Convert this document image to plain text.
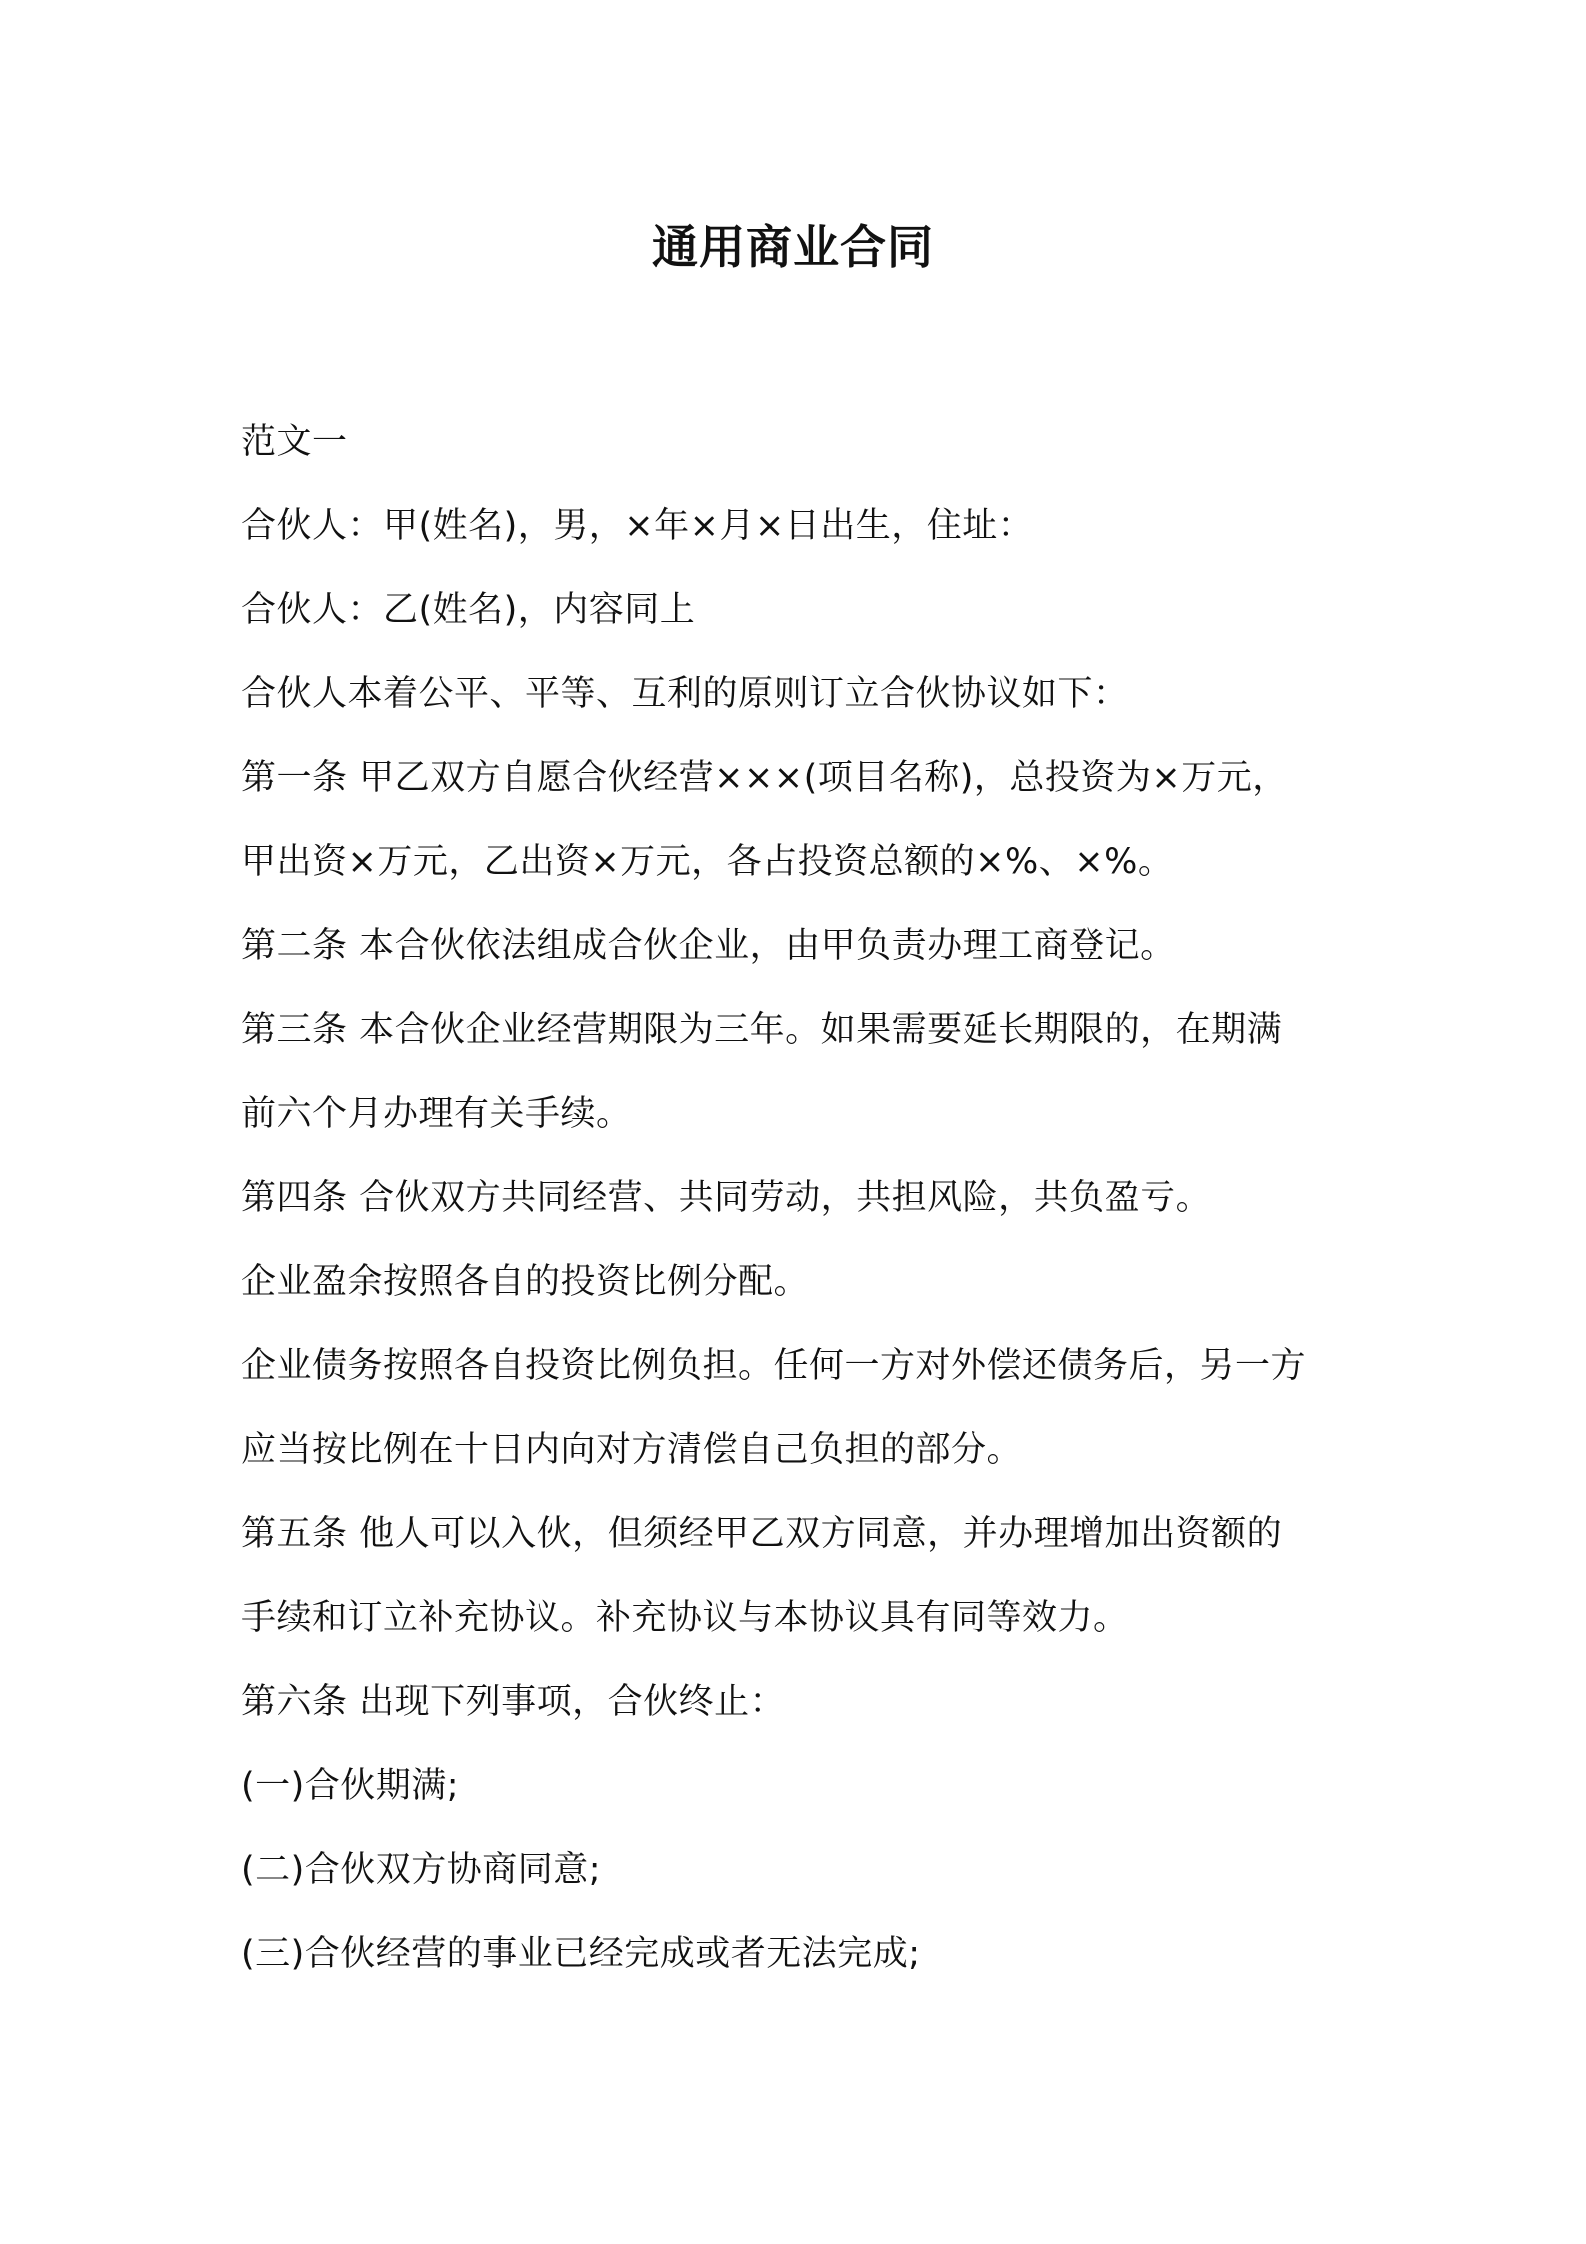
通用商业合同
范文一
合伙人：甲(姓名)，男，×年×月×日出生，住址：
合伙人：乙(姓名)，内容同上
合伙人本着公平、平等、互利的原则订立合伙协议如下：
第一条 甲乙双方自愿合伙经营×××(项目名称)，总投资为×万元，
甲出资×万元，乙出资×万元，各占投资总额的×%、×%。
第二条 本合伙依法组成合伙企业，由甲负责办理工商登记。
第三条 本合伙企业经营期限为三年。如果需要延长期限的，在期满
前六个月办理有关手续。
第四条 合伙双方共同经营、共同劳动，共担风险，共负盈亏。
企业盈余按照各自的投资比例分配。
企业债务按照各自投资比例负担。任何一方对外偿还债务后，另一方
应当按比例在十日内向对方清偿自己负担的部分。
第五条 他人可以入伙，但须经甲乙双方同意，并办理增加出资额的
手续和订立补充协议。补充协议与本协议具有同等效力。
第六条 出现下列事项，合伙终止：
(一)合伙期满;
(二)合伙双方协商同意;
(三)合伙经营的事业已经完成或者无法完成;
